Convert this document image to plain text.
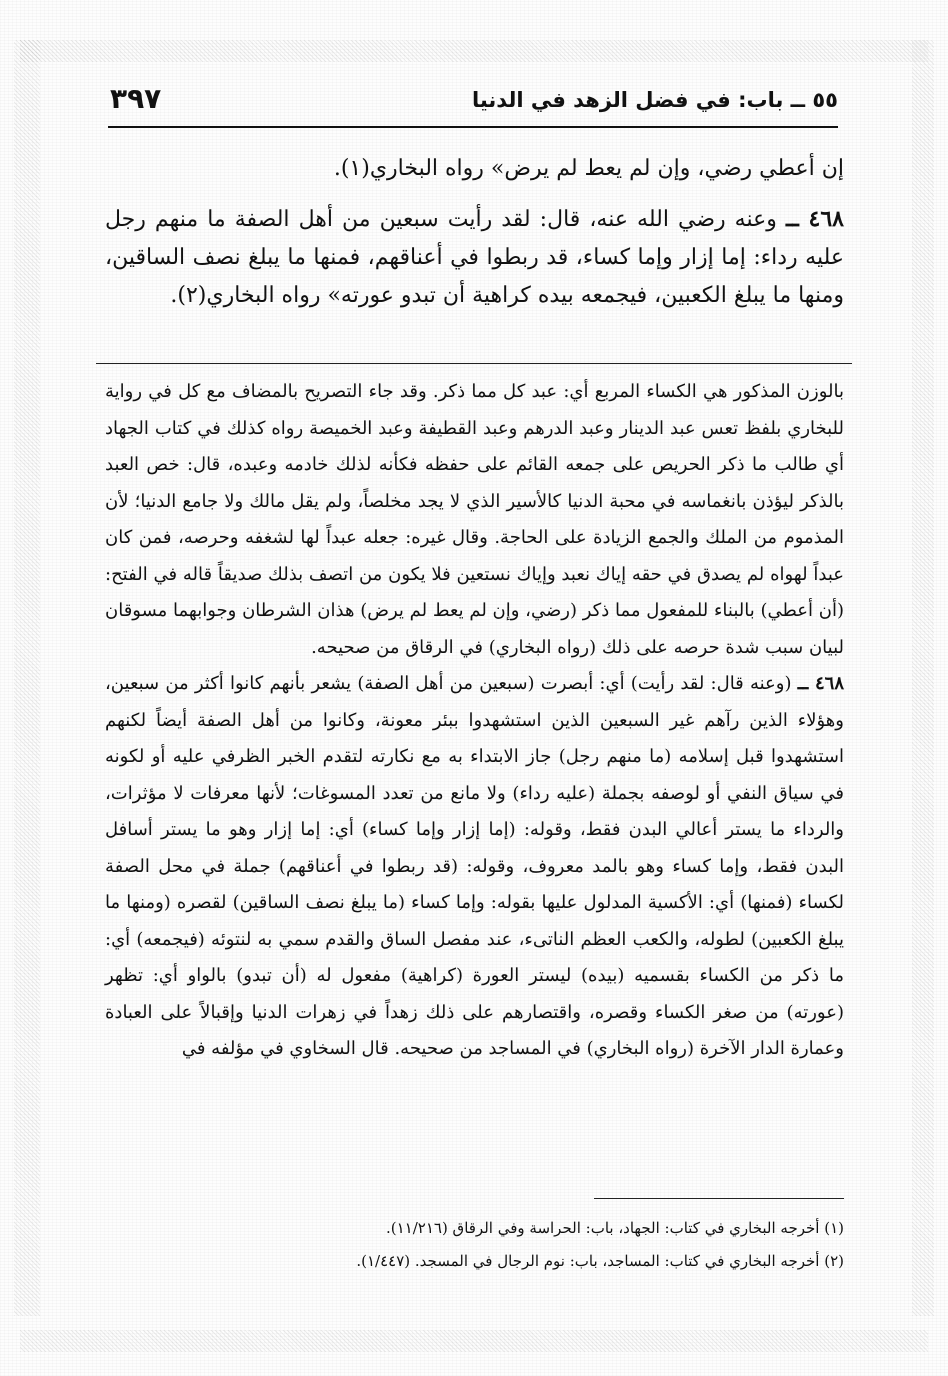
٥٥ ــ باب: في فضل الزهد في الدنيا
٣٩٧

إن أعطي رضي، وإن لم يعط لم يرض» رواه البخاري(١).

٤٦٨ ــ وعنه رضي الله عنه، قال: لقد رأيت سبعين من أهل الصفة ما منهم رجل عليه رداء: إما إزار وإما كساء، قد ربطوا في أعناقهم، فمنها ما يبلغ نصف الساقين، ومنها ما يبلغ الكعبين، فيجمعه بيده كراهية أن تبدو عورته» رواه البخاري(٢).

بالوزن المذكور هي الكساء المربع أي: عبد كل مما ذكر. وقد جاء التصريح بالمضاف مع كل في رواية للبخاري بلفظ تعس عبد الدينار وعبد الدرهم وعبد القطيفة وعبد الخميصة رواه كذلك في كتاب الجهاد أي طالب ما ذكر الحريص على جمعه القائم على حفظه فكأنه لذلك خادمه وعبده، قال: خص العبد بالذكر ليؤذن بانغماسه في محبة الدنيا كالأسير الذي لا يجد مخلصاً، ولم يقل مالك ولا جامع الدنيا؛ لأن المذموم من الملك والجمع الزيادة على الحاجة. وقال غيره: جعله عبداً لها لشغفه وحرصه، فمن كان عبداً لهواه لم يصدق في حقه إياك نعبد وإياك نستعين فلا يكون من اتصف بذلك صديقاً قاله في الفتح: (أن أعطي) بالبناء للمفعول مما ذكر (رضي، وإن لم يعط لم يرض) هذان الشرطان وجوابهما مسوقان لبيان سبب شدة حرصه على ذلك (رواه البخاري) في الرقاق من صحيحه.

٤٦٨ ــ (وعنه قال: لقد رأيت) أي: أبصرت (سبعين من أهل الصفة) يشعر بأنهم كانوا أكثر من سبعين، وهؤلاء الذين رآهم غير السبعين الذين استشهدوا ببئر معونة، وكانوا من أهل الصفة أيضاً لكنهم استشهدوا قبل إسلامه (ما منهم رجل) جاز الابتداء به مع نكارته لتقدم الخبر الظرفي عليه أو لكونه في سياق النفي أو لوصفه بجملة (عليه رداء) ولا مانع من تعدد المسوغات؛ لأنها معرفات لا مؤثرات، والرداء ما يستر أعالي البدن فقط، وقوله: (إما إزار وإما كساء) أي: إما إزار وهو ما يستر أسافل البدن فقط، وإما كساء وهو بالمد معروف، وقوله: (قد ربطوا في أعناقهم) جملة في محل الصفة لكساء (فمنها) أي: الأكسية المدلول عليها بقوله: وإما كساء (ما يبلغ نصف الساقين) لقصره (ومنها ما يبلغ الكعبين) لطوله، والكعب العظم الناتىء، عند مفصل الساق والقدم سمي به لنتوئه (فيجمعه) أي: ما ذكر من الكساء بقسميه (بيده) ليستر العورة (كراهية) مفعول له (أن تبدو) بالواو أي: تظهر (عورته) من صغر الكساء وقصره، واقتصارهم على ذلك زهداً في زهرات الدنيا وإقبالاً على العبادة وعمارة الدار الآخرة (رواه البخاري) في المساجد من صحيحه. قال السخاوي في مؤلفه في

(١) أخرجه البخاري في كتاب: الجهاد، باب: الحراسة وفي الرقاق (١١/٢١٦).

(٢) أخرجه البخاري في كتاب: المساجد، باب: نوم الرجال في المسجد. (١/٤٤٧).
